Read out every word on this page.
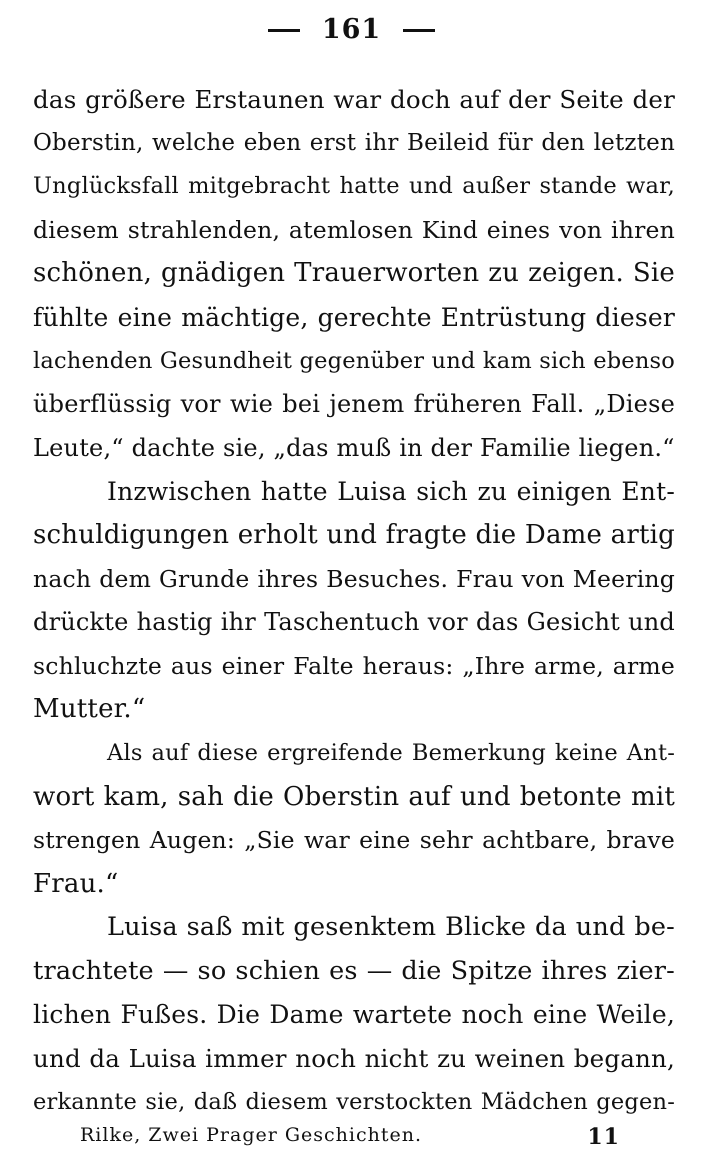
161
das größere Erstaunen war doch auf der Seite der
Oberstin, welche eben erst ihr Beileid für den letzten
Unglücksfall mitgebracht hatte und außer stande war,
diesem strahlenden, atemlosen Kind eines von ihren
schönen, gnädigen Trauerworten zu zeigen. Sie
fühlte eine mächtige, gerechte Entrüstung dieser
lachenden Gesundheit gegenüber und kam sich ebenso
überflüssig vor wie bei jenem früheren Fall. „Diese
Leute,“ dachte sie, „das muß in der Familie liegen.“
Inzwischen hatte Luisa sich zu einigen Ent-
schuldigungen erholt und fragte die Dame artig
nach dem Grunde ihres Besuches. Frau von Meering
drückte hastig ihr Taschentuch vor das Gesicht und
schluchzte aus einer Falte heraus: „Ihre arme, arme
Mutter.“
Als auf diese ergreifende Bemerkung keine Ant-
wort kam, sah die Oberstin auf und betonte mit
strengen Augen: „Sie war eine sehr achtbare, brave
Frau.“
Luisa saß mit gesenktem Blicke da und be-
trachtete — so schien es — die Spitze ihres zier-
lichen Fußes. Die Dame wartete noch eine Weile,
und da Luisa immer noch nicht zu weinen begann,
erkannte sie, daß diesem verstockten Mädchen gegen-
Rilke, Zwei Prager Geschichten.	11
